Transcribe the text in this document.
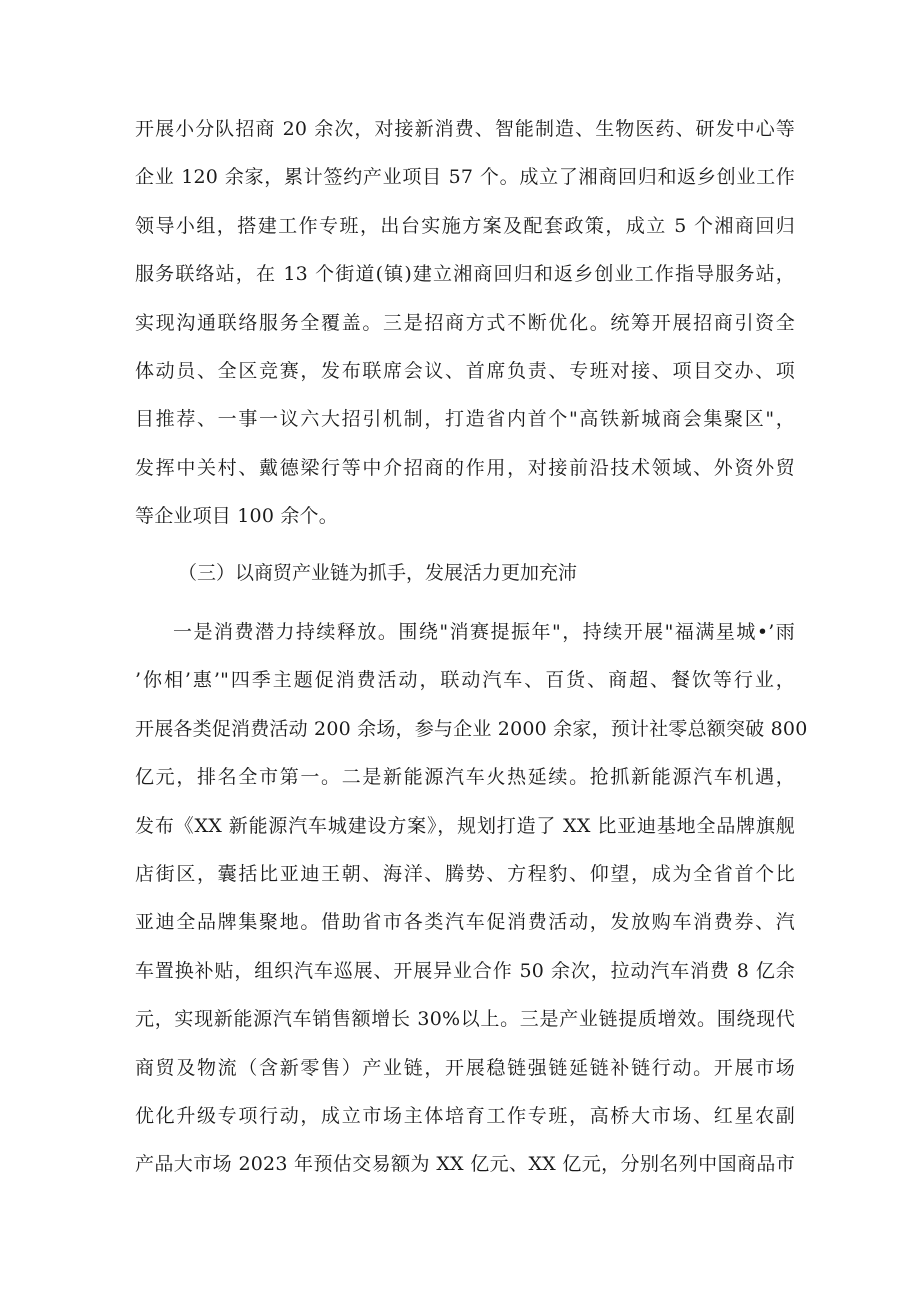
开展小分队招商 20 余次，对接新消费、智能制造、生物医药、研发中心等
企业 120 余家，累计签约产业项目 57 个。成立了湘商回归和返乡创业工作
领导小组，搭建工作专班，出台实施方案及配套政策，成立 5 个湘商回归
服务联络站，在 13 个街道(镇)建立湘商回归和返乡创业工作指导服务站，
实现沟通联络服务全覆盖。三是招商方式不断优化。统筹开展招商引资全
体动员、全区竞赛，发布联席会议、首席负责、专班对接、项目交办、项
目推荐、一事一议六大招引机制，打造省内首个"高铁新城商会集聚区"，
发挥中关村、戴德梁行等中介招商的作用，对接前沿技术领域、外资外贸
等企业项目 100 余个。
（三）以商贸产业链为抓手，发展活力更加充沛
一是消费潜力持续释放。围绕"消赛提振年"，持续开展"福满星城•’雨
’你相’惠’"四季主题促消费活动，联动汽车、百货、商超、餐饮等行业，
开展各类促消费活动 200 余场，参与企业 2000 余家，预计社零总额突破 800
亿元，排名全市第一。二是新能源汽车火热延续。抢抓新能源汽车机遇，
发布《XX 新能源汽车城建设方案》，规划打造了 XX 比亚迪基地全品牌旗舰
店街区，囊括比亚迪王朝、海洋、腾势、方程豹、仰望，成为全省首个比
亚迪全品牌集聚地。借助省市各类汽车促消费活动，发放购车消费券、汽
车置换补贴，组织汽车巡展、开展异业合作 50 余次，拉动汽车消费 8 亿余
元，实现新能源汽车销售额增长 30%以上。三是产业链提质增效。围绕现代
商贸及物流（含新零售）产业链，开展稳链强链延链补链行动。开展市场
优化升级专项行动，成立市场主体培育工作专班，高桥大市场、红星农副
产品大市场 2023 年预估交易额为 XX 亿元、XX 亿元，分别名列中国商品市
